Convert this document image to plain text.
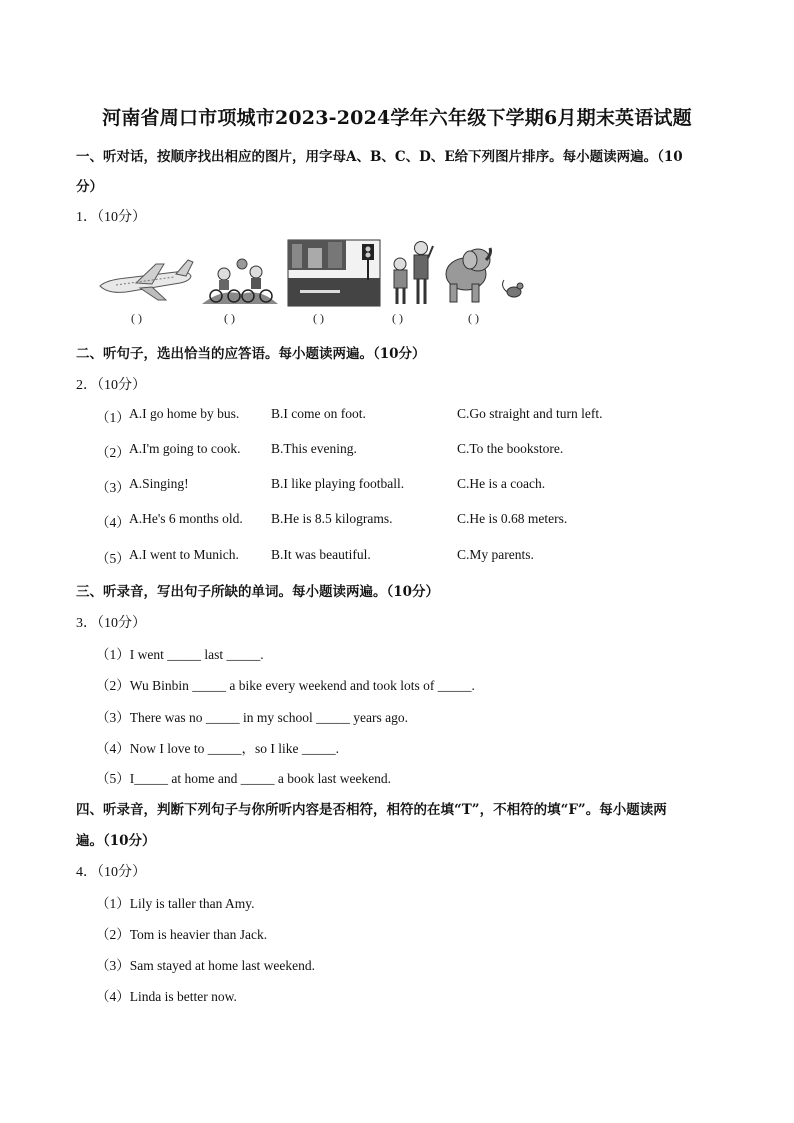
河南省周口市项城市2023-2024学年六年级下学期6月期末英语试题
一、听对话，按顺序找出相应的图片，用字母A、B、C、D、E给下列图片排序。每小题读两遍。（10
分）
1．（10分）
( )	( )	( )	( )	( )
二、听句子，选出恰当的应答语。每小题读两遍。（10分）
2．（10分）
（1） A.I go home by bus. B.I come on foot.	C.Go straight and turn left.
（2） A.I'm going to cook. B.This evening.	C.To the bookstore.
（3） A.Singing!	B.I like playing football.	C.He is a coach.
（4） A.He's 6 months old. B.He is 8.5 kilograms.	C.He is 0.68 meters.
（5） A.I went to Munich. B.It was beautiful.	C.My parents.
三、听录音，写出句子所缺的单词。每小题读两遍。（10分）
3．（10分）
（1）I went _____ last _____.
（2）Wu Binbin _____ a bike every weekend and took lots of _____.
（3）There was no _____ in my school _____ years ago.
（4）Now I love to _____，so I like _____.
（5）I_____ at home and _____ a book last weekend.
四、听录音，判断下列句子与你所听内容是否相符，相符的在填“T”，不相符的填“F”。每小题读两
遍。（10分）
4．（10分）
（1）Lily is taller than Amy.
（2）Tom is heavier than Jack.
（3）Sam stayed at home last weekend.
（4）Linda is better now.
